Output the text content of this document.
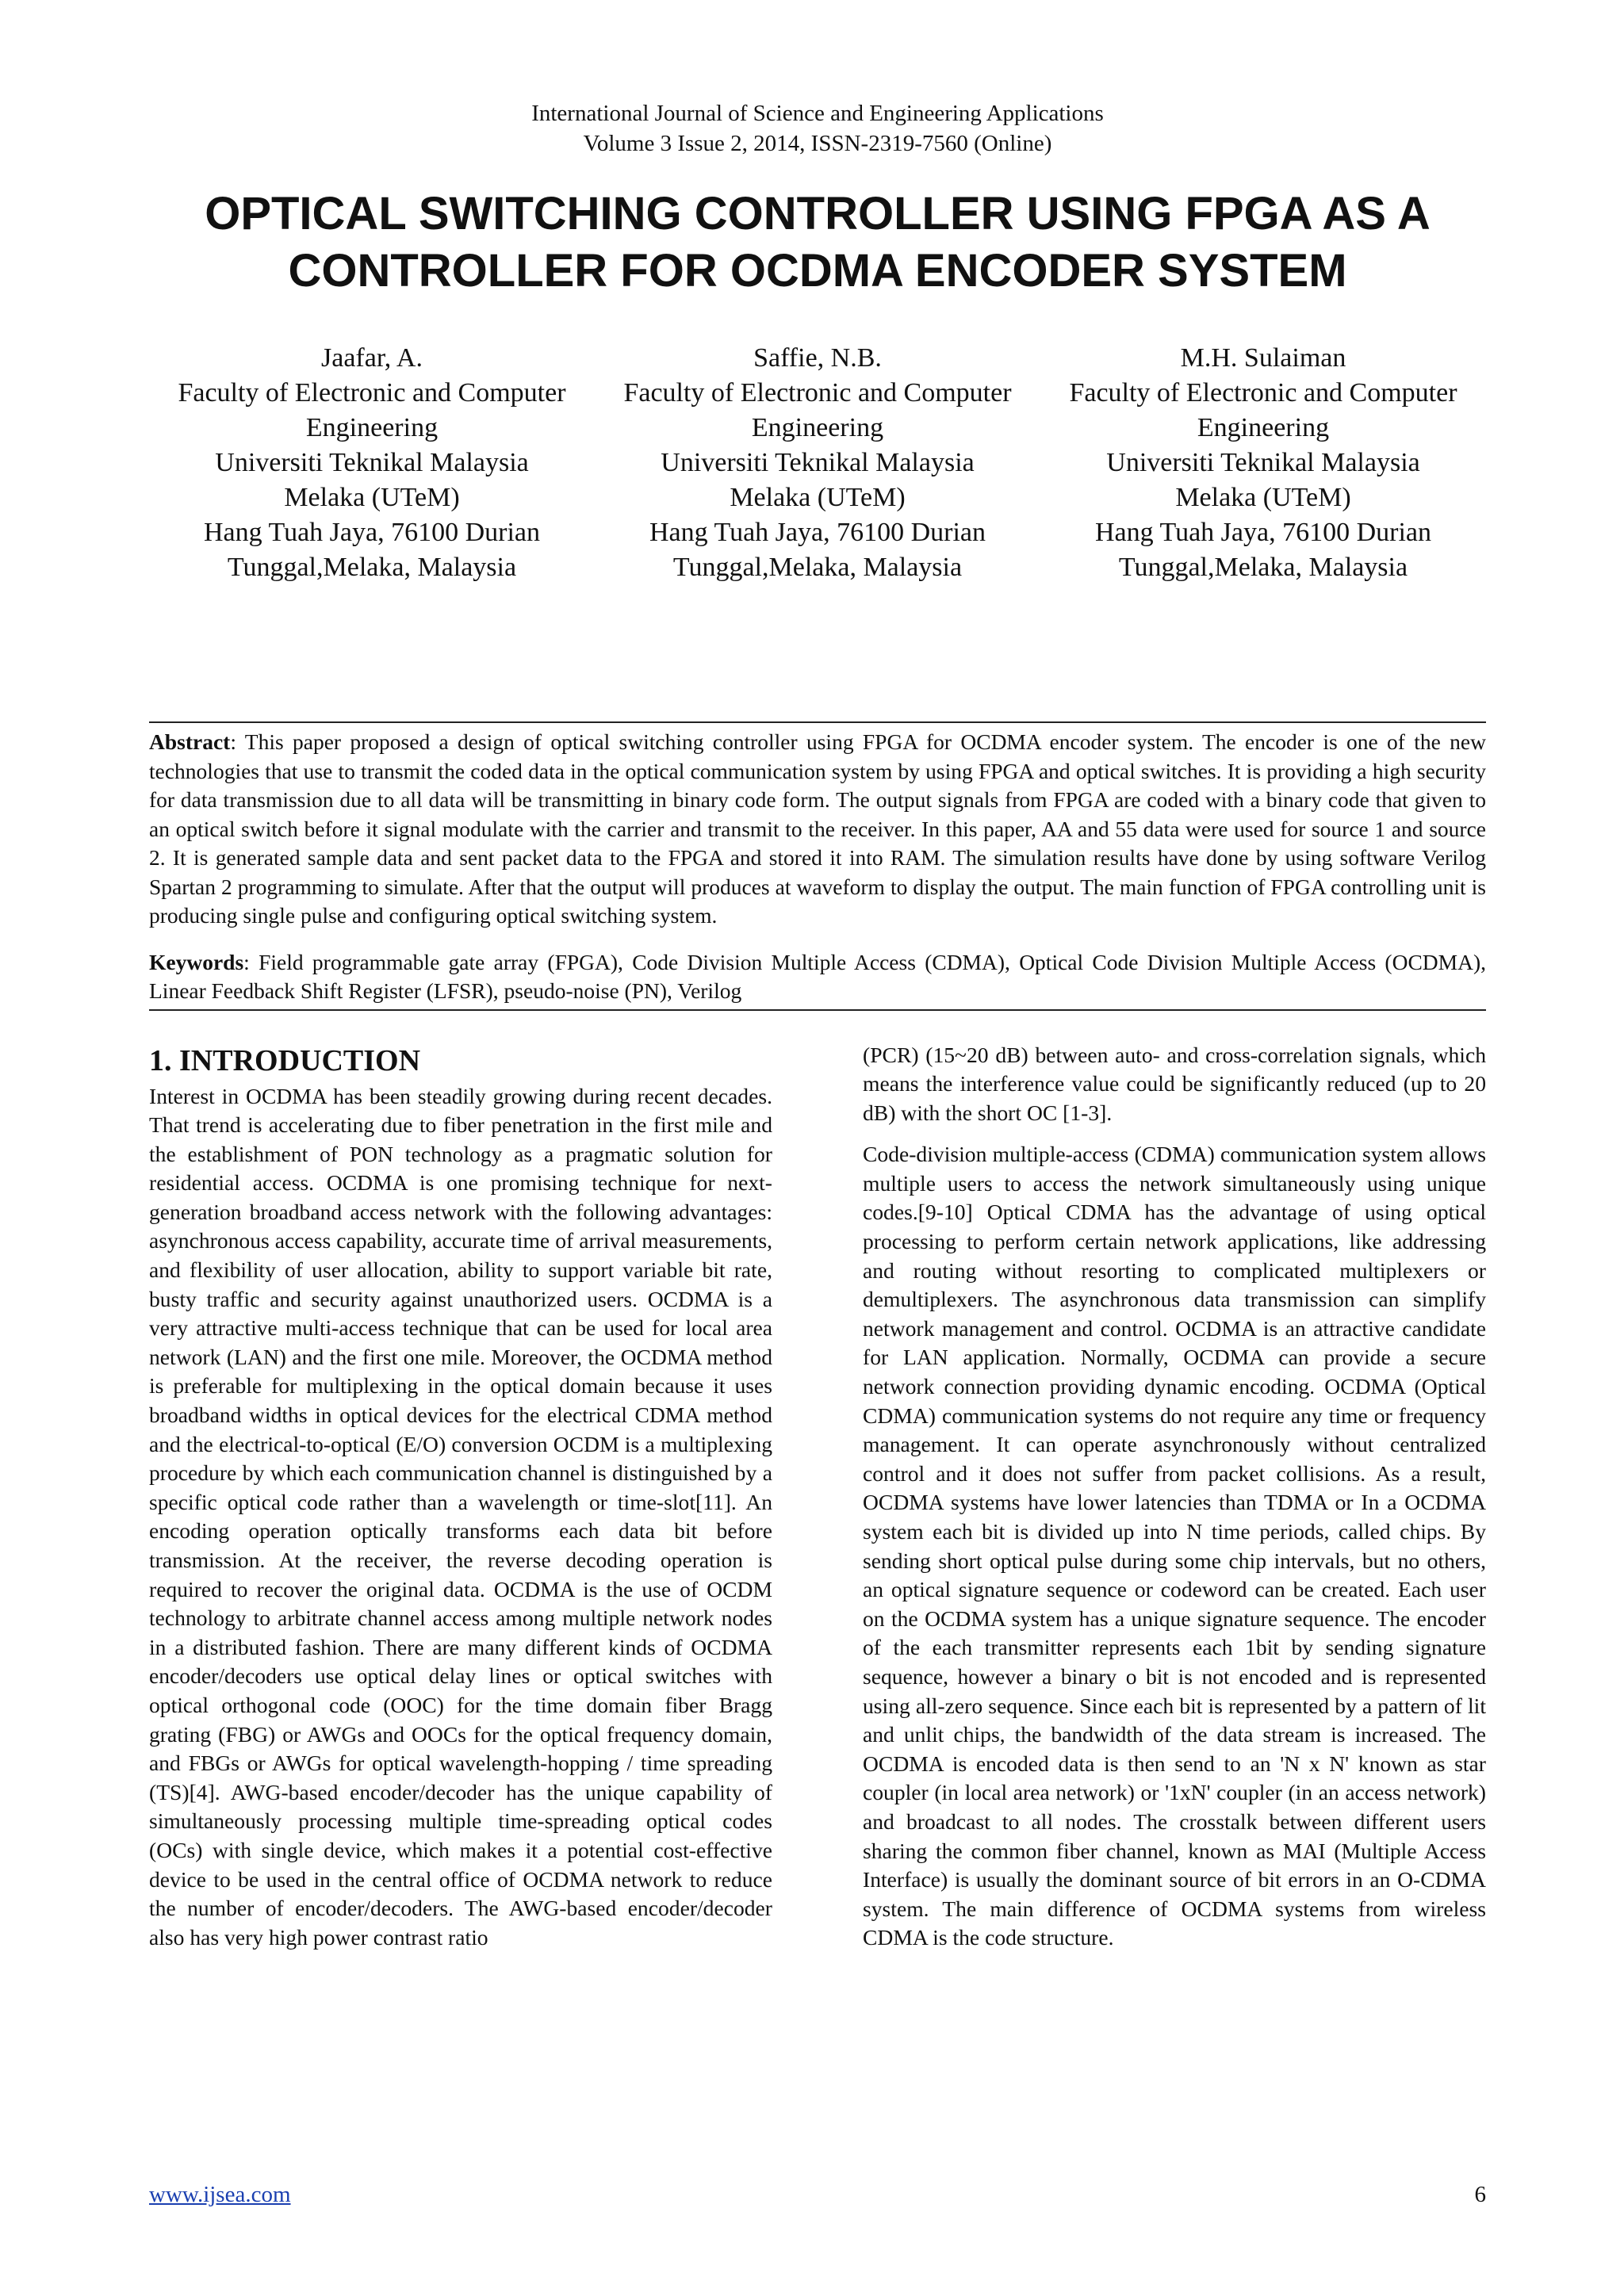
International Journal of Science and Engineering Applications
Volume 3 Issue 2, 2014, ISSN-2319-7560 (Online)
OPTICAL SWITCHING CONTROLLER USING FPGA AS A
CONTROLLER FOR OCDMA ENCODER SYSTEM
Jaafar, A.
Faculty of Electronic and Computer
Engineering
Universiti Teknikal Malaysia
Melaka (UTeM)
Hang Tuah Jaya, 76100 Durian
Tunggal,Melaka, Malaysia
Saffie, N.B.
Faculty of Electronic and Computer
Engineering
Universiti Teknikal Malaysia
Melaka (UTeM)
Hang Tuah Jaya, 76100 Durian
Tunggal,Melaka, Malaysia
M.H. Sulaiman
Faculty of Electronic and Computer
Engineering
Universiti Teknikal Malaysia
Melaka (UTeM)
Hang Tuah Jaya, 76100 Durian
Tunggal,Melaka, Malaysia
Abstract: This paper proposed a design of optical switching controller using FPGA for OCDMA encoder system. The encoder is one of the new technologies that use to transmit the coded data in the optical communication system by using FPGA and optical switches. It is providing a high security for data transmission due to all data will be transmitting in binary code form. The output signals from FPGA are coded with a binary code that given to an optical switch before it signal modulate with the carrier and transmit to the receiver. In this paper, AA and 55 data were used for source 1 and source 2. It is generated sample data and sent packet data to the FPGA and stored it into RAM. The simulation results have done by using software Verilog Spartan 2 programming to simulate. After that the output will produces at waveform to display the output. The main function of FPGA controlling unit is producing single pulse and configuring optical switching system.
Keywords: Field programmable gate array (FPGA), Code Division Multiple Access (CDMA), Optical Code Division Multiple Access (OCDMA), Linear Feedback Shift Register (LFSR), pseudo-noise (PN), Verilog
1. INTRODUCTION

Interest in OCDMA has been steadily growing during recent decades. That trend is accelerating due to fiber penetration in the first mile and the establishment of PON technology as a pragmatic solution for residential access. OCDMA is one promising technique for next-generation broadband access network with the following advantages: asynchronous access capability, accurate time of arrival measurements, and flexibility of user allocation, ability to support variable bit rate, busty traffic and security against unauthorized users. OCDMA is a very attractive multi-access technique that can be used for local area network (LAN) and the first one mile. Moreover, the OCDMA method is preferable for multiplexing in the optical domain because it uses broadband widths in optical devices for the electrical CDMA method and the electrical-to-optical (E/O) conversion OCDM is a multiplexing procedure by which each communication channel is distinguished by a specific optical code rather than a wavelength or time-slot[11]. An encoding operation optically transforms each data bit before transmission. At the receiver, the reverse decoding operation is required to recover the original data. OCDMA is the use of OCDM technology to arbitrate channel access among multiple network nodes in a distributed fashion. There are many different kinds of OCDMA encoder/decoders use optical delay lines or optical switches with optical orthogonal code (OOC) for the time domain fiber Bragg grating (FBG) or AWGs and OOCs for the optical frequency domain, and FBGs or AWGs for optical wavelength-hopping / time spreading (TS)[4]. AWG-based encoder/decoder has the unique capability of simultaneously processing multiple time-spreading optical codes (OCs) with single device, which makes it a potential cost-effective device to be used in the central office of OCDMA network to reduce the number of encoder/decoders. The AWG-based encoder/decoder also has very high power contrast ratio

(PCR) (15~20 dB) between auto- and cross-correlation signals, which means the interference value could be significantly reduced (up to 20 dB) with the short OC [1-3].

Code-division multiple-access (CDMA) communication system allows multiple users to access the network simultaneously using unique codes.[9-10] Optical CDMA has the advantage of using optical processing to perform certain network applications, like addressing and routing without resorting to complicated multiplexers or demultiplexers. The asynchronous data transmission can simplify network management and control. OCDMA is an attractive candidate for LAN application. Normally, OCDMA can provide a secure network connection providing dynamic encoding. OCDMA (Optical CDMA) communication systems do not require any time or frequency management. It can operate asynchronously without centralized control and it does not suffer from packet collisions. As a result, OCDMA systems have lower latencies than TDMA or In a OCDMA system each bit is divided up into N time periods, called chips. By sending short optical pulse during some chip intervals, but no others, an optical signature sequence or codeword can be created. Each user on the OCDMA system has a unique signature sequence. The encoder of the each transmitter represents each 1bit by sending signature sequence, however a binary o bit is not encoded and is represented using all-zero sequence. Since each bit is represented by a pattern of lit and unlit chips, the bandwidth of the data stream is increased. The OCDMA is encoded data is then send to an 'N x N' known as star coupler (in local area network) or '1xN' coupler (in an access network) and broadcast to all nodes. The crosstalk between different users sharing the common fiber channel, known as MAI (Multiple Access Interface) is usually the dominant source of bit errors in an O-CDMA system. The main difference of OCDMA systems from wireless CDMA is the code structure.

www.ijsea.com	6
